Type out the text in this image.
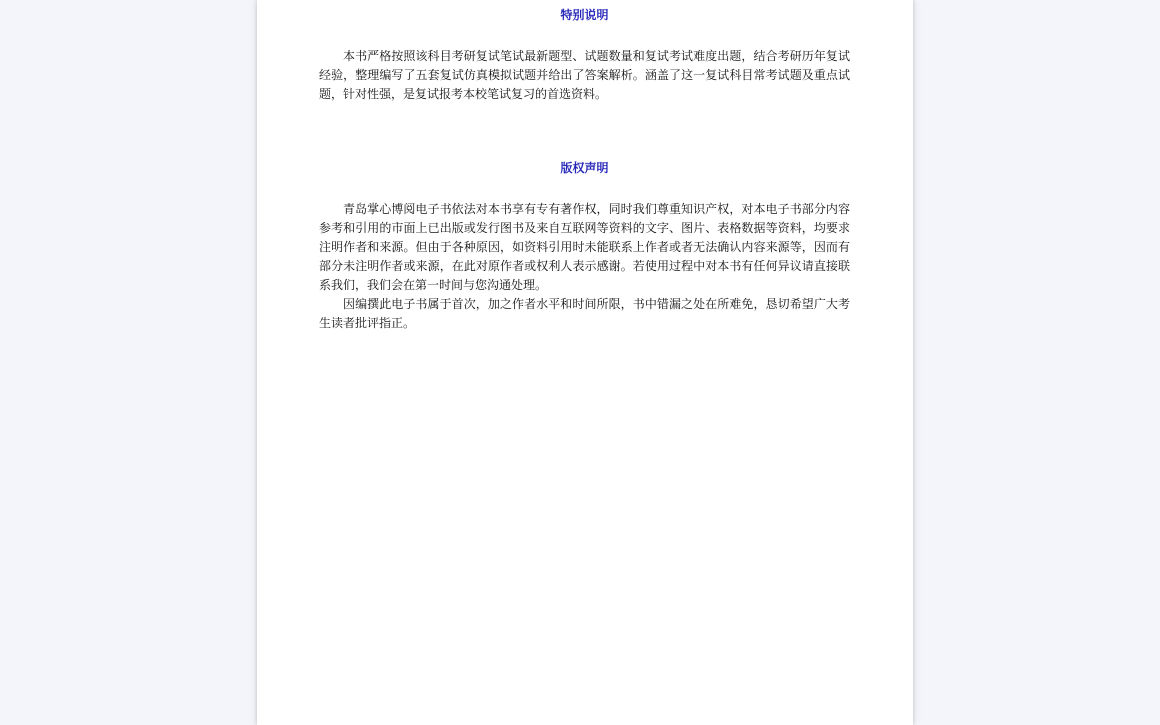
特别说明

本书严格按照该科目考研复试笔试最新题型、试题数量和复试考试难度出题，结合考研历年复试经验，整理编写了五套复试仿真模拟试题并给出了答案解析。涵盖了这一复试科目常考试题及重点试题，针对性强，是复试报考本校笔试复习的首选资料。

版权声明

青岛掌心博阅电子书依法对本书享有专有著作权，同时我们尊重知识产权，对本电子书部分内容参考和引用的市面上已出版或发行图书及来自互联网等资料的文字、图片、表格数据等资料，均要求注明作者和来源。但由于各种原因，如资料引用时未能联系上作者或者无法确认内容来源等，因而有部分未注明作者或来源，在此对原作者或权利人表示感谢。若使用过程中对本书有任何异议请直接联系我们，我们会在第一时间与您沟通处理。

因编撰此电子书属于首次，加之作者水平和时间所限，书中错漏之处在所难免，恳切希望广大考生读者批评指正。
